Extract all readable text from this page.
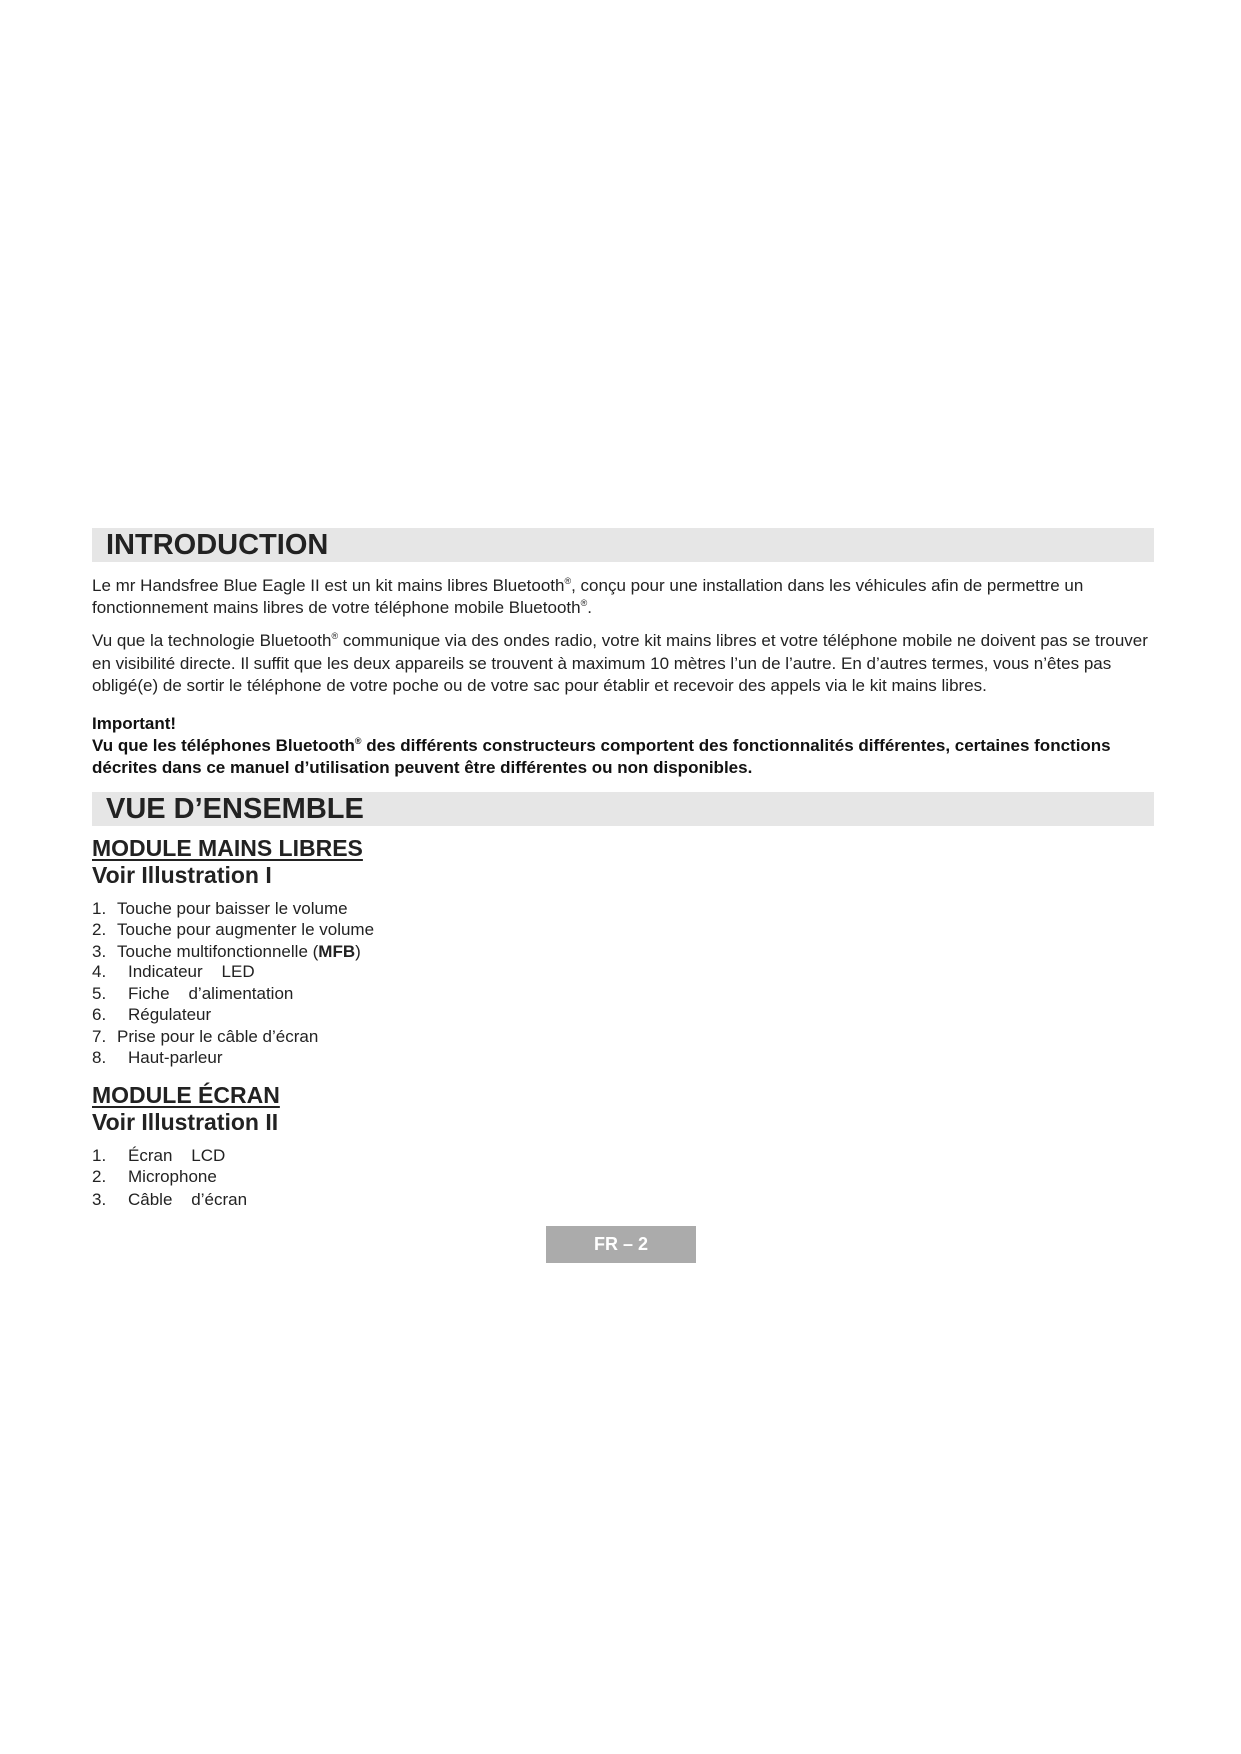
INTRODUCTION

Le mr Handsfree Blue Eagle II est un kit mains libres Bluetooth®, conçu pour une installation dans les véhicules afin de permettre un fonctionnement mains libres de votre téléphone mobile Bluetooth®.

Vu que la technologie Bluetooth® communique via des ondes radio, votre kit mains libres et votre téléphone mobile ne doivent pas se trouver en visibilité directe. Il suffit que les deux appareils se trouvent à maximum 10 mètres l’un de l’autre. En d’autres termes, vous n’êtes pas obligé(e) de sortir le téléphone de votre poche ou de votre sac pour établir et recevoir des appels via le kit mains libres.

Important!
Vu que les téléphones Bluetooth® des différents constructeurs comportent des fonctionnalités différentes, certaines fonctions décrites dans ce manuel d’utilisation peuvent être différentes ou non disponibles.
VUE D’ENSEMBLE
MODULE MAINS LIBRES
Voir Illustration I
1. Touche pour baisser le volume
2. Touche pour augmenter le volume
3. Touche multifonctionnelle ( MFB )
4.	Indicateur    LED
5.	Fiche    d’alimentation
6.	Régulateur
7. Prise pour le câble d’écran
8.	Haut-parleur
MODULE ÉCRAN
Voir Illustration II
1.	Écran    LCD
2.	Microphone
3.	Câble    d’écran
FR – 2
